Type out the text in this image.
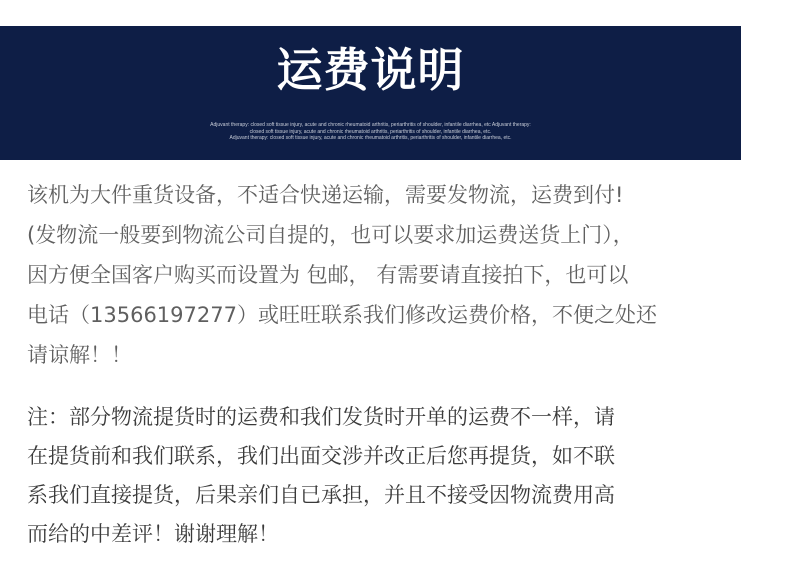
运费说明
Adjuvant therapy: closed soft tissue injury, acute and chronic rheumatoid arthritis, periarthritis of shoulder, infantile diarrhea, etc Adjuvant therapy:
closed soft tissue injury, acute and chronic rheumatoid arthritis, periarthritis of shoulder, infantile diarrhea, etc.
Adjuvant therapy: closed soft tissue injury, acute and chronic rheumatoid arthritis, periarthritis of shoulder, infantile diarrhea, etc.
该机为大件重货设备，不适合快递运输，需要发物流，运费到付!
(发物流一般要到物流公司自提的，也可以要求加运费送货上门），
因方便全国客户购买而设置为 包邮， 有需要请直接拍下，也可以
电话（13566197277）或旺旺联系我们修改运费价格，不便之处还
请谅解！！
注：部分物流提货时的运费和我们发货时开单的运费不一样，请
在提货前和我们联系，我们出面交涉并改正后您再提货，如不联
系我们直接提货，后果亲们自已承担，并且不接受因物流费用高
而给的中差评！谢谢理解！
